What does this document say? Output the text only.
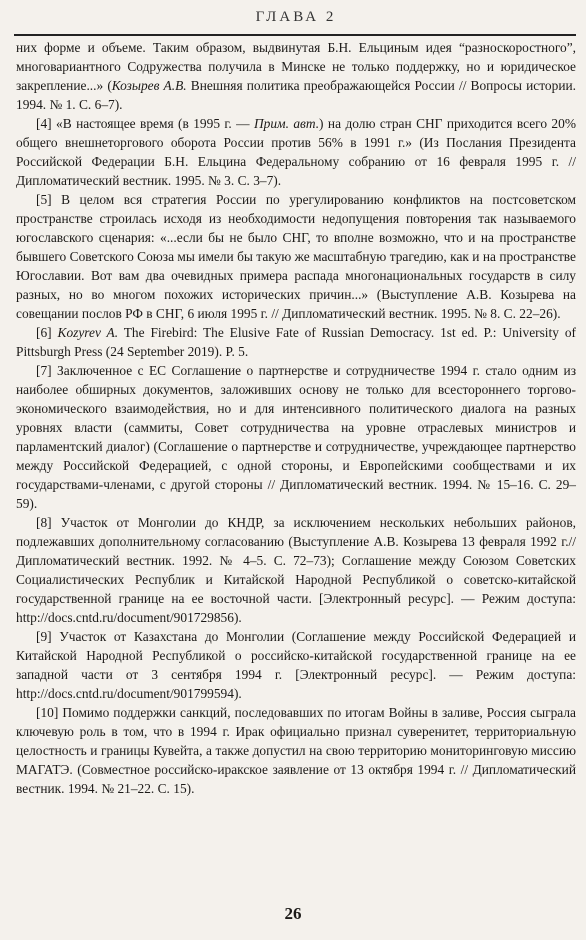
ГЛАВА 2

них форме и объеме. Таким образом, выдвинутая Б.Н. Ельциным идея “разноскоростного”, многовариантного Содружества получила в Минске не только поддержку, но и юридическое закрепление...» (Козырев А.В. Внешняя политика преображающейся России // Вопросы истории. 1994. № 1. С. 6–7).

[4] «В настоящее время (в 1995 г. — Прим. авт.) на долю стран СНГ приходится всего 20% общего внешнеторгового оборота России против 56% в 1991 г.» (Из Послания Президента Российской Федерации Б.Н. Ельцина Федеральному собранию от 16 февраля 1995 г. // Дипломатический вестник. 1995. № 3. С. 3–7).

[5] В целом вся стратегия России по урегулированию конфликтов на постсоветском пространстве строилась исходя из необходимости недопущения повторения так называемого югославского сценария: «...если бы не было СНГ, то вполне возможно, что и на пространстве бывшего Советского Союза мы имели бы такую же масштабную трагедию, как и на пространстве Югославии. Вот вам два очевидных примера распада многонациональных государств в силу разных, но во многом похожих исторических причин...» (Выступление А.В. Козырева на совещании послов РФ в СНГ, 6 июля 1995 г. // Дипломатический вестник. 1995. № 8. С. 22–26).

[6] Kozyrev A. The Firebird: The Elusive Fate of Russian Democracy. 1st ed. P.: University of Pittsburgh Press (24 September 2019). P. 5.

[7] Заключенное с ЕС Соглашение о партнерстве и сотрудничестве 1994 г. стало одним из наиболее обширных документов, заложивших основу не только для всестороннего торгово-экономического взаимодействия, но и для интенсивного политического диалога на разных уровнях власти (саммиты, Совет сотрудничества на уровне отраслевых министров и парламентский диалог) (Соглашение о партнерстве и сотрудничестве, учреждающее партнерство между Российской Федерацией, с одной стороны, и Европейскими сообществами и их государствами-членами, с другой стороны // Дипломатический вестник. 1994. № 15–16. С. 29–59).

[8] Участок от Монголии до КНДР, за исключением нескольких небольших районов, подлежавших дополнительному согласованию (Выступление А.В. Козырева 13 февраля 1992 г.// Дипломатический вестник. 1992. № 4–5. С. 72–73); Соглашение между Союзом Советских Социалистических Республик и Китайской Народной Республикой о советско-китайской государственной границе на ее восточной части. [Электронный ресурс]. — Режим доступа: http://docs.cntd.ru/document/901729856).

[9] Участок от Казахстана до Монголии (Соглашение между Российской Федерацией и Китайской Народной Республикой о российско-китайской государственной границе на ее западной части от 3 сентября 1994 г. [Электронный ресурс]. — Режим доступа: http://docs.cntd.ru/document/901799594).

[10] Помимо поддержки санкций, последовавших по итогам Войны в заливе, Россия сыграла ключевую роль в том, что в 1994 г. Ирак официально признал суверенитет, территориальную целостность и границы Кувейта, а также допустил на свою территорию мониторинговую миссию МАГАТЭ. (Совместное российско-иракское заявление от 13 октября 1994 г. // Дипломатический вестник. 1994. № 21–22. С. 15).

26
